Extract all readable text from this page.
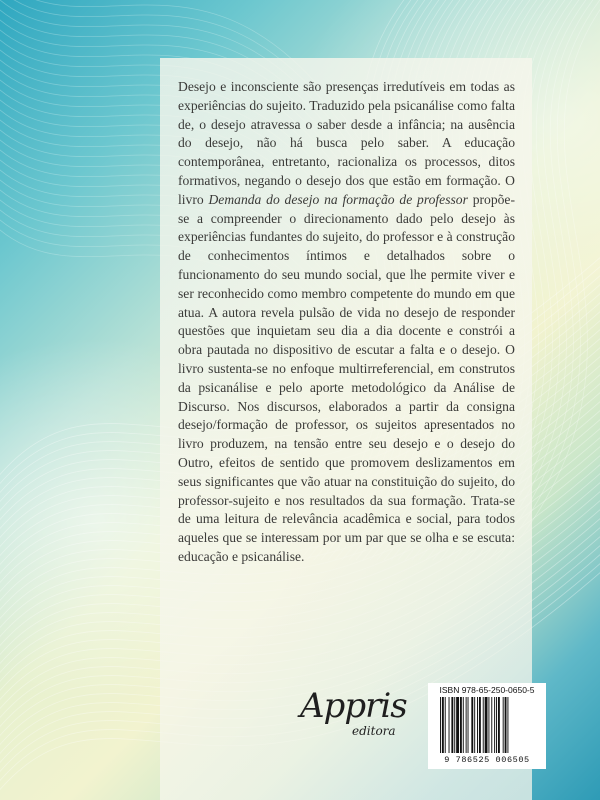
Desejo e inconsciente são presenças irredutíveis em todas as experiências do sujeito. Traduzido pela psicanálise como falta de, o desejo atravessa o saber desde a infância; na ausência do desejo, não há busca pelo saber. A educação contemporânea, entretanto, racionaliza os processos, ditos formativos, negando o desejo dos que estão em formação. O livro Demanda do desejo na formação de professor propõe-se a compreender o direcionamento dado pelo desejo às experiências fundantes do sujeito, do professor e à construção de conhecimentos íntimos e detalhados sobre o funcionamento do seu mundo social, que lhe permite viver e ser reconhecido como membro competente do mundo em que atua. A autora revela pulsão de vida no desejo de responder questões que inquietam seu dia a dia docente e constrói a obra pautada no dispositivo de escutar a falta e o desejo. O livro sustenta-se no enfoque multirreferencial, em construtos da psicanálise e pelo aporte metodológico da Análise de Discurso. Nos discursos, elaborados a partir da consigna desejo/formação de professor, os sujeitos apresentados no livro produzem, na tensão entre seu desejo e o desejo do Outro, efeitos de sentido que promovem deslizamentos em seus significantes que vão atuar na constituição do sujeito, do professor-sujeito e nos resultados da sua formação. Trata-se de uma leitura de relevância acadêmica e social, para todos aqueles que se interessam por um par que se olha e se escuta: educação e psicanálise.

Appris
editora
ISBN 978-65-250-0650-5
9 786525 006505
